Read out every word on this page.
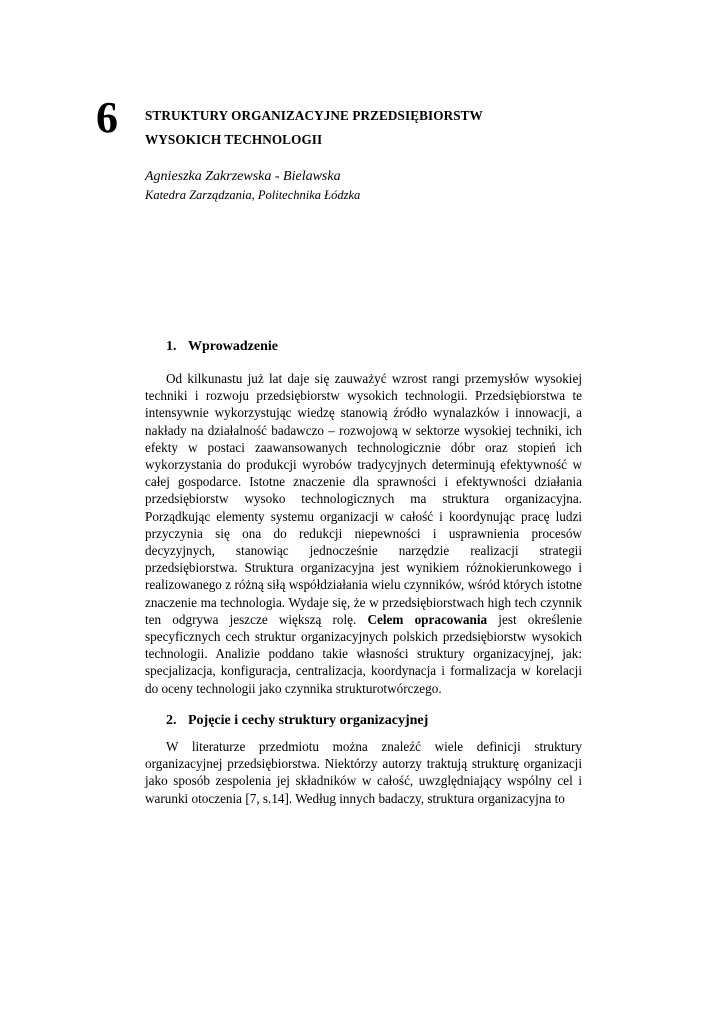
6 STRUKTURY ORGANIZACYJNE PRZEDSIĘBIORSTW
WYSOKICH TECHNOLOGII
Agnieszka Zakrzewska - Bielawska
Katedra Zarządzania, Politechnika Łódzka
1. Wprowadzenie
Od kilkunastu już lat daje się zauważyć wzrost rangi przemysłów wysokiej techniki i rozwoju przedsiębiorstw wysokich technologii. Przedsiębiorstwa te intensywnie wykorzystując wiedzę stanowią źródło wynalazków i innowacji, a nakłady na działalność badawczo – rozwojową w sektorze wysokiej techniki, ich efekty w postaci zaawansowanych technologicznie dóbr oraz stopień ich wykorzystania do produkcji wyrobów tradycyjnych determinują efektywność w całej gospodarce. Istotne znaczenie dla sprawności i efektywności działania przedsiębiorstw wysoko technologicznych ma struktura organizacyjna. Porządkując elementy systemu organizacji w całość i koordynując pracę ludzi przyczynia się ona do redukcji niepewności i usprawnienia procesów decyzyjnych, stanowiąc jednocześnie narzędzie realizacji strategii przedsiębiorstwa. Struktura organizacyjna jest wynikiem różnokierunkowego i realizowanego z różną siłą współdziałania wielu czynników, wśród których istotne znaczenie ma technologia. Wydaje się, że w przedsiębiorstwach high tech czynnik ten odgrywa jeszcze większą rolę. Celem opracowania jest określenie specyficznych cech struktur organizacyjnych polskich przedsiębiorstw wysokich technologii. Analizie poddano takie własności struktury organizacyjnej, jak: specjalizacja, konfiguracja, centralizacja, koordynacja i formalizacja w korelacji do oceny technologii jako czynnika strukturotwórczego.
2. Pojęcie i cechy struktury organizacyjnej
W literaturze przedmiotu można znaleźć wiele definicji struktury organizacyjnej przedsiębiorstwa. Niektórzy autorzy traktują strukturę organizacji jako sposób zespolenia jej składników w całość, uwzględniający wspólny cel i warunki otoczenia [7, s.14]. Według innych badaczy, struktura organizacyjna to
